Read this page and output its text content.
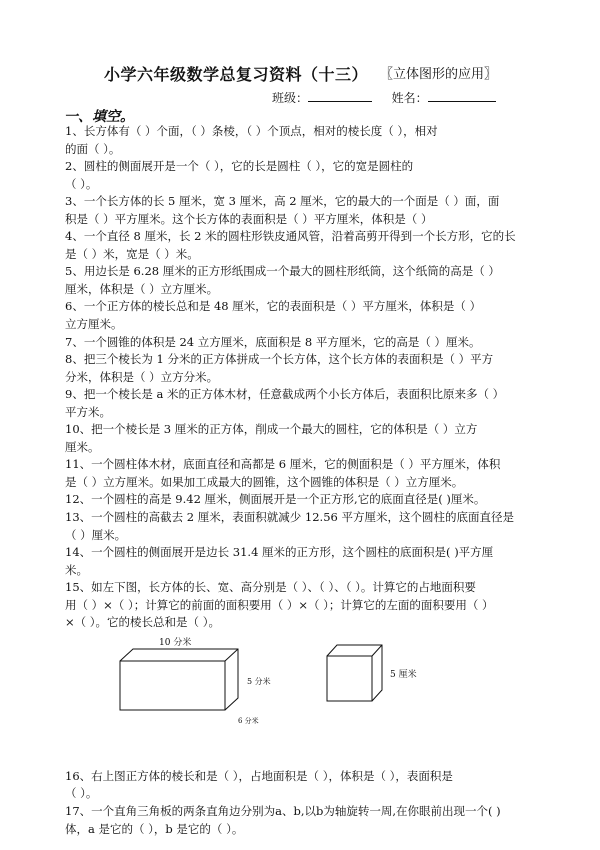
小学六年级数学总复习资料（十三） 〖立体图形的应用〗
班级：	姓名：
一、填空。
1、长方体有（ ）个面，（ ）条棱，（ ）个顶点，相对的棱长度（ ），相对
的面（ ）。
2、圆柱的侧面展开是一个（ ），它的长是圆柱（ ），它的宽是圆柱的
（ ）。
3、一个长方体的长 5 厘米，宽 3 厘米，高 2 厘米，它的最大的一个面是（ ）面，面
积是（ ）平方厘米。这个长方体的表面积是（ ）平方厘米，体积是（ ）
4、一个直径 8 厘米，长 2 米的圆柱形铁皮通风管，沿着高剪开得到一个长方形，它的长
是（ ）米，宽是（ ）米。
5、用边长是 6.28 厘米的正方形纸围成一个最大的圆柱形纸筒，这个纸筒的高是（ ）
厘米，体积是（ ）立方厘米。
6、一个正方体的棱长总和是 48 厘米，它的表面积是（ ）平方厘米，体积是（ ）
立方厘米。
7、一个圆锥的体积是 24 立方厘米，底面积是 8 平方厘米，它的高是（ ）厘米。
8、把三个棱长为 1 分米的正方体拼成一个长方体，这个长方体的表面积是（ ）平方
分米，体积是（ ）立方分米。
9、把一个棱长是 a 米的正方体木材，任意截成两个小长方体后，表面积比原来多（ ）
平方米。
10、把一个棱长是 3 厘米的正方体，削成一个最大的圆柱，它的体积是（ ）立方
厘米。
11、一个圆柱体木材，底面直径和高都是 6 厘米，它的侧面积是（ ）平方厘米，体积
是（ ）立方厘米。如果加工成最大的圆锥，这个圆锥的体积是（ ）立方厘米。
12、一个圆柱的高是 9.42 厘米，侧面展开是一个正方形,它的底面直径是( )厘米。
13、一个圆柱的高截去 2 厘米，表面积就减少 12.56 平方厘米，这个圆柱的底面直径是
（ ）厘米。
14、一个圆柱的侧面展开是边长 31.4 厘米的正方形，这个圆柱的底面积是( )平方厘
米。
15、如左下图，长方体的长、宽、高分别是（ ）、（ ）、（ ）。计算它的占地面积要
用（ ）×（ ）；计算它的前面的面积要用（ ）×（ ）；计算它的左面的面积要用（ ）
×（ ）。它的棱长总和是（ ）。
10 分米
5 分米
6 分米
5 厘米
16、右上图正方体的棱长和是（ ），占地面积是（ ），体积是（ ），表面积是
（ ）。
17、一个直角三角板的两条直角边分别为a、b,以b为轴旋转一周,在你眼前出现一个( )
体，a 是它的（ ），b 是它的（ ）。
